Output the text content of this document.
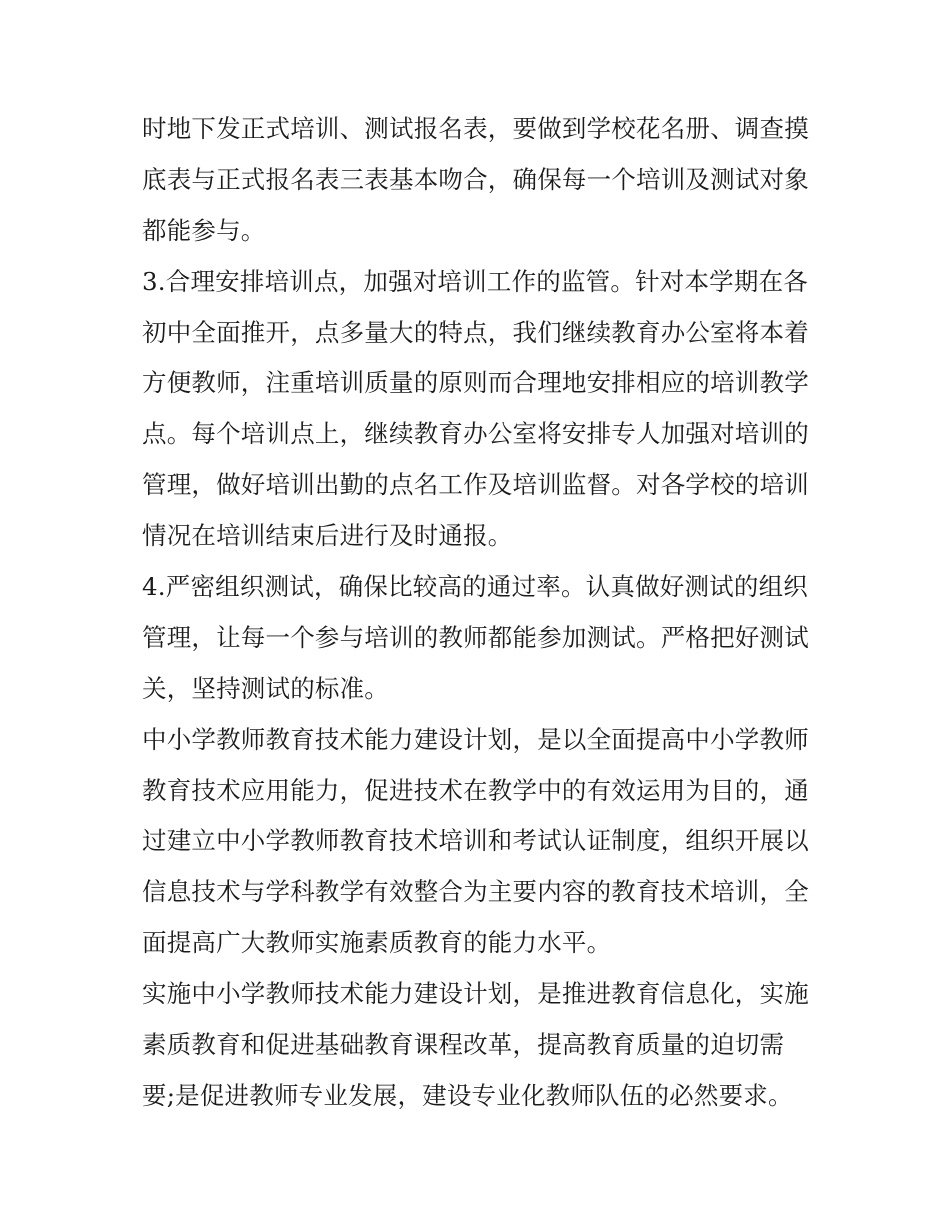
时地下发正式培训、测试报名表，要做到学校花名册、调查摸
底表与正式报名表三表基本吻合，确保每一个培训及测试对象
都能参与。
3.合理安排培训点，加强对培训工作的监管。针对本学期在各
初中全面推开，点多量大的特点，我们继续教育办公室将本着
方便教师，注重培训质量的原则而合理地安排相应的培训教学
点。每个培训点上，继续教育办公室将安排专人加强对培训的
管理，做好培训出勤的点名工作及培训监督。对各学校的培训
情况在培训结束后进行及时通报。
4.严密组织测试，确保比较高的通过率。认真做好测试的组织
管理，让每一个参与培训的教师都能参加测试。严格把好测试
关，坚持测试的标准。
中小学教师教育技术能力建设计划，是以全面提高中小学教师
教育技术应用能力，促进技术在教学中的有效运用为目的，通
过建立中小学教师教育技术培训和考试认证制度，组织开展以
信息技术与学科教学有效整合为主要内容的教育技术培训，全
面提高广大教师实施素质教育的能力水平。
实施中小学教师技术能力建设计划，是推进教育信息化，实施
素质教育和促进基础教育课程改革，提高教育质量的迫切需
要;是促进教师专业发展，建设专业化教师队伍的必然要求。
